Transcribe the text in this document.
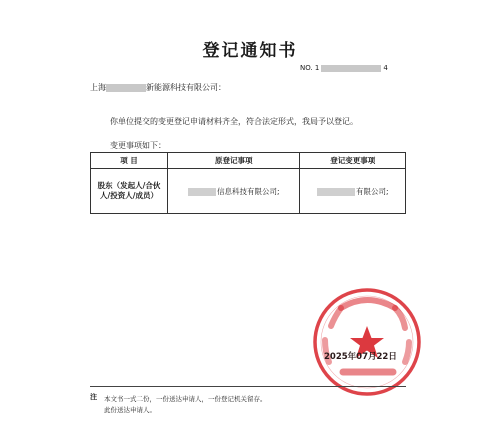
登记通知书
NO. 1	4
上海	新能源科技有限公司：
你单位提交的变更登记申请材料齐全，符合法定形式，我局予以登记。
变更事项如下：
项 目	原登记事项	登记变更事项
股东（发起人/合伙人/投资人/成员）	信息科技有限公司;	有限公司;
2025年07月22日
注 本文书一式二份，一份送达申请人，一份登记机关留存。
此份送达申请人。
